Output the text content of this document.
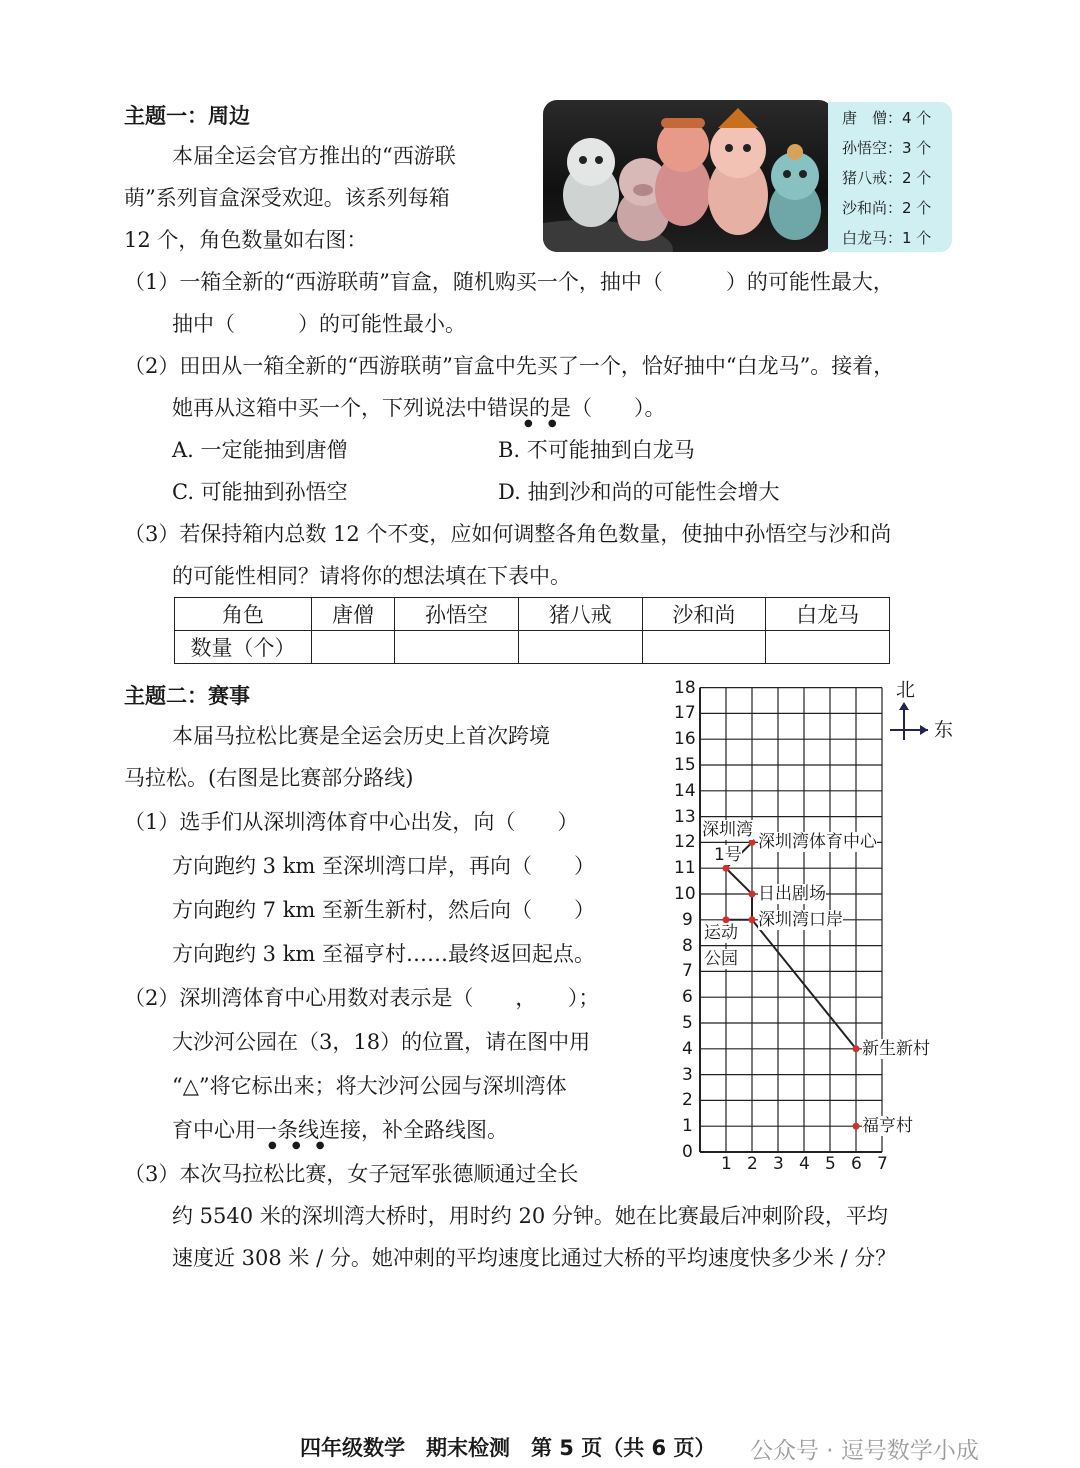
主题一：周边
本届全运会官方推出的“西游联
萌”系列盲盒深受欢迎。该系列每箱
12 个，角色数量如右图：
唐　僧：4 个
孙悟空：3 个
猪八戒：2 个
沙和尚：2 个
白龙马：1 个
（1）一箱全新的“西游联萌”盲盒，随机购买一个，抽中（　　　）的可能性最大，
抽中（　　　）的可能性最小。
（2）田田从一箱全新的“西游联萌”盲盒中先买了一个，恰好抽中“白龙马”。接着，
她再从这箱中买一个，下列说法中错误的是（　　）。
● ●
A. 一定能抽到唐僧	B. 不可能抽到白龙马
C. 可能抽到孙悟空	D. 抽到沙和尚的可能性会增大
（3）若保持箱内总数 12 个不变，应如何调整各角色数量，使抽中孙悟空与沙和尚
的可能性相同？请将你的想法填在下表中。
角色	唐僧	孙悟空	猪八戒	沙和尚	白龙马
数量（个）					
主题二：赛事
本届马拉松比赛是全运会历史上首次跨境
马拉松。(右图是比赛部分路线)
（1）选手们从深圳湾体育中心出发，向（　　）
方向跑约 3 km 至深圳湾口岸，再向（　　）
方向跑约 7 km 至新生新村，然后向（　　）
方向跑约 3 km 至福亨村……最终返回起点。
（2）深圳湾体育中心用数对表示是（　　，　　）；
大沙河公园在（3，18）的位置，请在图中用
“△”将它标出来；将大沙河公园与深圳湾体
育中心用一条线连接，补全路线图。
● ● ●
（3）本次马拉松比赛，女子冠军张德顺通过全长
约 5540 米的深圳湾大桥时，用时约 20 分钟。她在比赛最后冲刺阶段，平均
速度近 308 米 / 分。她冲刺的平均速度比通过大桥的平均速度快多少米 / 分？
北
东
0
1
2
3
4
5
6
7
8
9
10
11
12
13
14
15
16
17
18
1 2 3 4 5 6 7
深圳湾体育中心
日出剧场
深圳湾口岸
新生新村
福亨村
深圳湾
1号
运动
公园
四年级数学　期末检测　第 5 页（共 6 页） 公众号 · 逗号数学小成
